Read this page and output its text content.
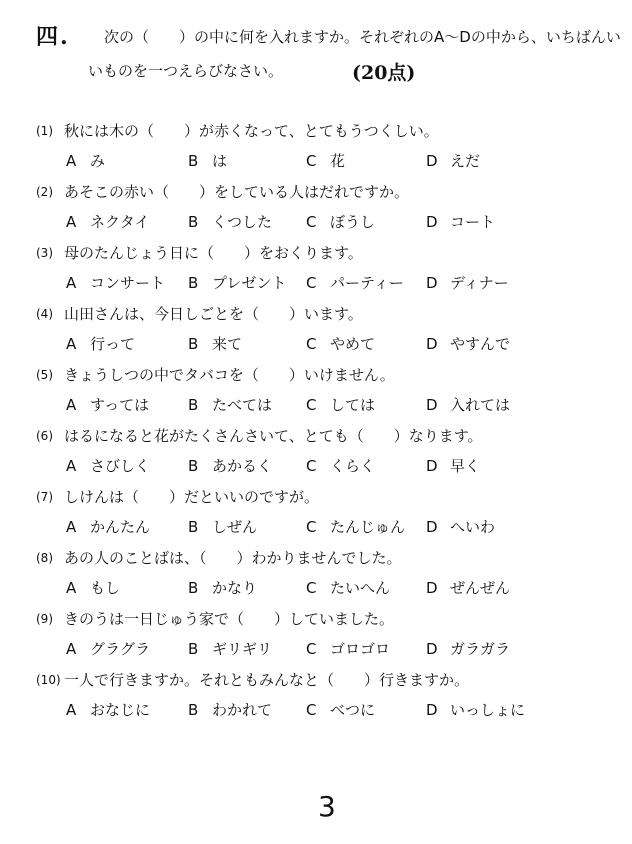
四. 次の（　　）の中に何を入れますか。それぞれのA～Dの中から、いちばんい
いものを一つえらびなさい。	(20点)
(1) 秋には木の（　　）が赤くなって、とてもうつくしい。
A み	B は	C 花	D えだ
(2) あそこの赤い（　　）をしている人はだれですか。
A ネクタイ	B くつした C ぼうし	D コート
(3) 母のたんじょう日に（　　）をおくります。
A コンサート B プレゼント C パーティー D ディナー
(4) 山田さんは、今日しごとを（　　）います。
A 行って	B 来て	C やめて	D やすんで
(5) きょうしつの中でタバコを（　　）いけません。
A すっては	B たべては C しては	D 入れては
(6) はるになると花がたくさんさいて、とても（　　）なります。
A さびしく	B あかるく C くらく	D 早く
(7) しけんは（　　）だといいのですが。
A かんたん	B しぜん	C たんじゅん D へいわ
(8) あの人のことばは、（　　）わかりませんでした。
A もし	B かなり	C たいへん D ぜんぜん
(9) きのうは一日じゅう家で（　　）していました。
A グラグラ	B ギリギリ C ゴロゴロ D ガラガラ
(10) 一人で行きますか。それともみんなと（　　）行きますか。
A おなじに	B わかれて C べつに	D いっしょに
3
